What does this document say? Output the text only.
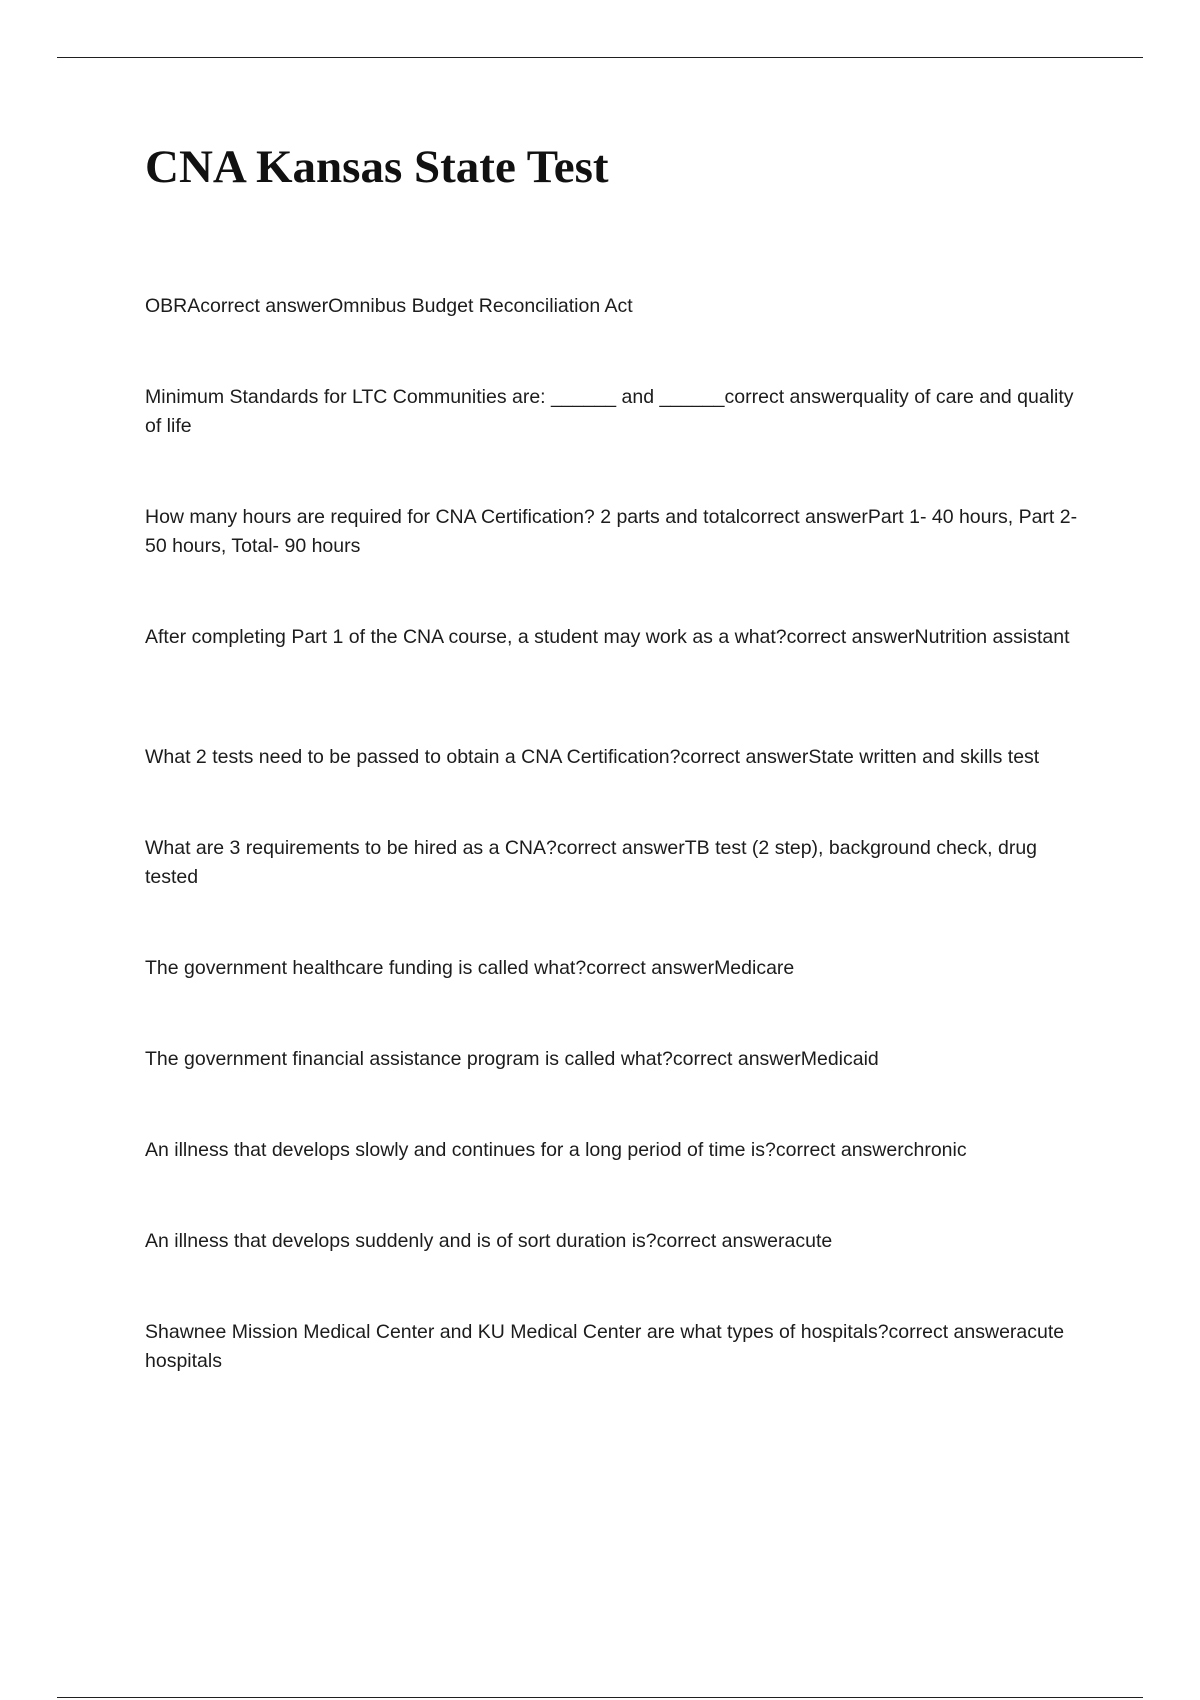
CNA Kansas State Test

OBRAcorrect answerOmnibus Budget Reconciliation Act

Minimum Standards for LTC Communities are: ______ and ______correct answerquality of care and quality of life

How many hours are required for CNA Certification? 2 parts and totalcorrect answerPart 1- 40 hours, Part 2- 50 hours, Total- 90 hours

After completing Part 1 of the CNA course, a student may work as a what?correct answerNutrition assistant

What 2 tests need to be passed to obtain a CNA Certification?correct answerState written and skills test

What are 3 requirements to be hired as a CNA?correct answerTB test (2 step), background check, drug tested

The government healthcare funding is called what?correct answerMedicare

The government financial assistance program is called what?correct answerMedicaid

An illness that develops slowly and continues for a long period of time is?correct answerchronic

An illness that develops suddenly and is of sort duration is?correct answeracute

Shawnee Mission Medical Center and KU Medical Center are what types of hospitals?correct answeracute hospitals
